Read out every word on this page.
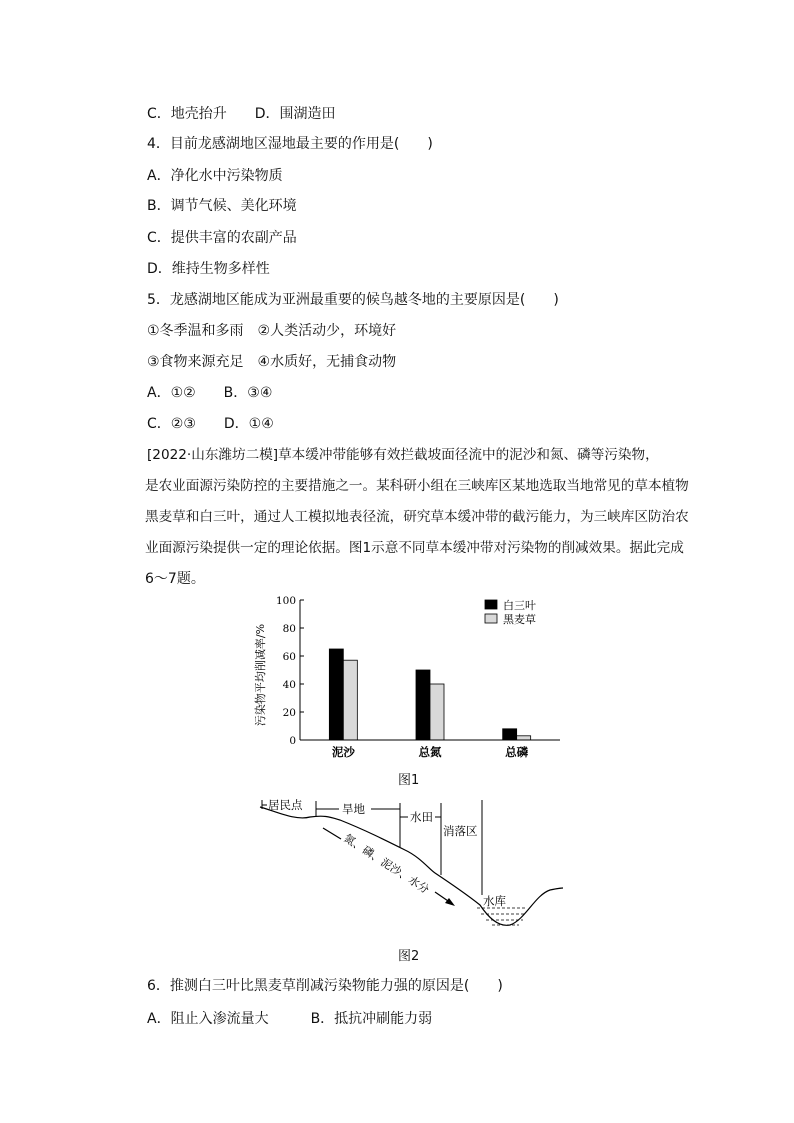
C．地壳抬升　　D．围湖造田
4．目前龙感湖地区湿地最主要的作用是(　　)
A．净化水中污染物质
B．调节气候、美化环境
C．提供丰富的农副产品
D．维持生物多样性
5．龙感湖地区能成为亚洲最重要的候鸟越冬地的主要原因是(　　)
①冬季温和多雨　②人类活动少，环境好
③食物来源充足　④水质好，无捕食动物
A．①②　　B．③④
C．②③　　D．①④

[2022·山东潍坊二模]草本缓冲带能够有效拦截坡面径流中的泥沙和氮、磷等污染物，

是农业面源污染防控的主要措施之一。某科研小组在三峡库区某地选取当地常见的草本植物

黑麦草和白三叶，通过人工模拟地表径流，研究草本缓冲带的截污能力，为三峡库区防治农

业面源污染提供一定的理论依据。图1示意不同草本缓冲带对污染物的削减效果。据此完成

6～7题。

污染物平均削减率/%
0
20
40
60
80
100
泥沙	总氮	总磷
白三叶
黑麦草
图1
居民点	旱地
水田
消落区
氮、磷、泥沙、水分
水库
图2
6．推测白三叶比黑麦草削减污染物能力强的原因是(　　)
A．阻止入渗流量大　　　B．抵抗冲刷能力弱
